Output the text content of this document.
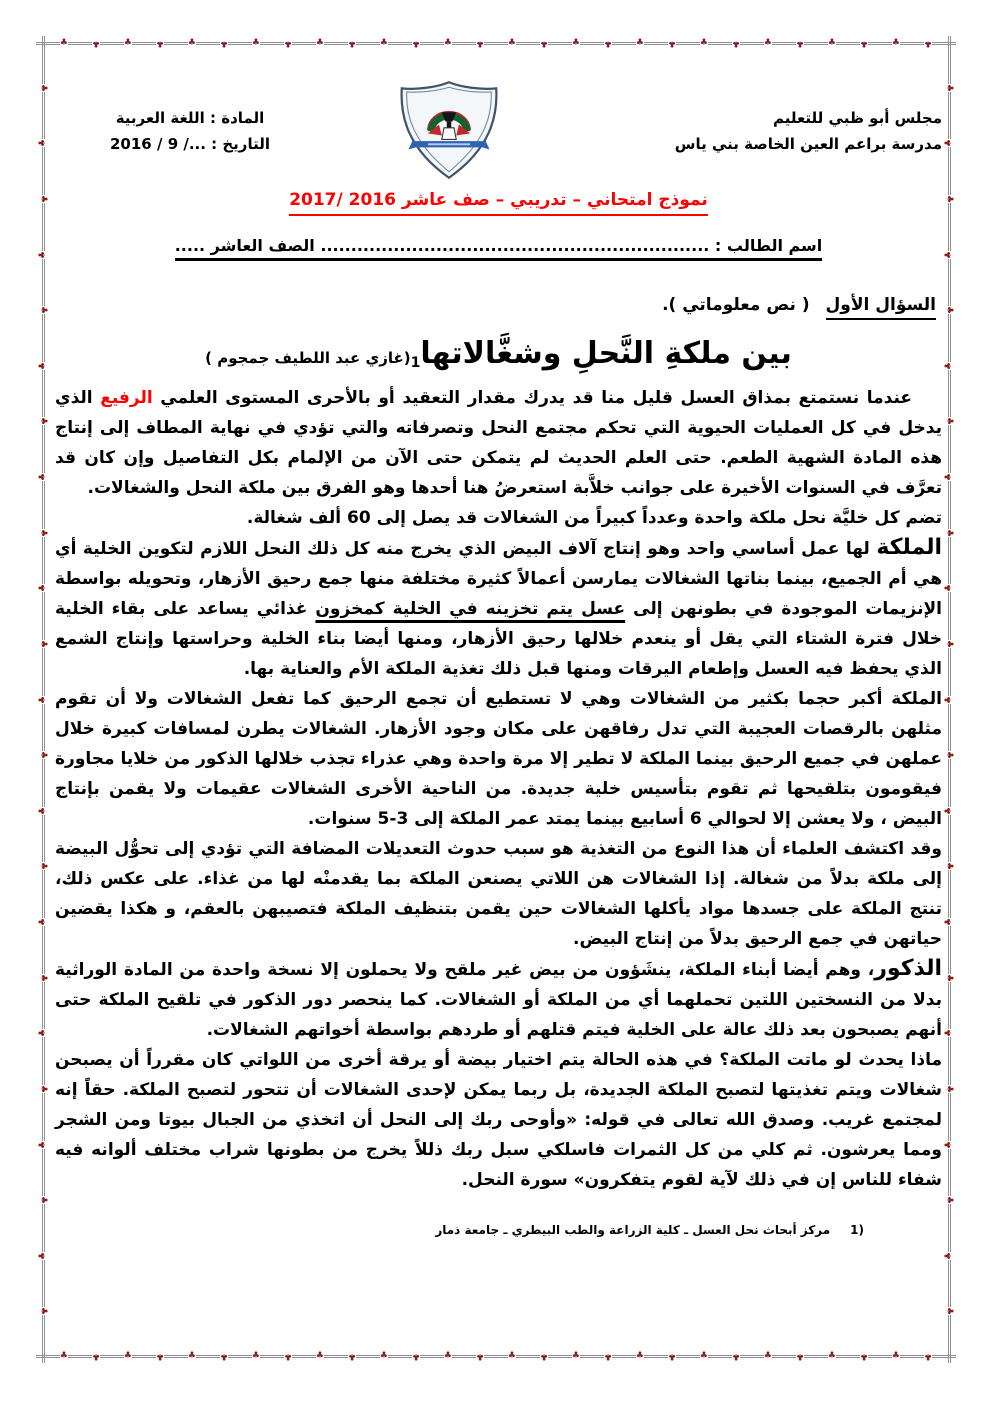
♣	♣	♣	♣	♣	♣	♣	♣	♣	♣	♣	♣	♣	♣	♣	♣	♣	♣	♣	♣	♣	♣	♣	♣	♣	♣	♣	♣
♣	♣	♣	♣	♣	♣	♣	♣	♣	♣	♣	♣	♣	♣	♣	♣	♣	♣	♣	♣	♣	♣	♣	♣	♣	♣	♣	♣
♣
♣
♣
♣
♣
♣
♣
♣
♣
♣
♣
♣
♣
♣
♣
♣
♣
♣
♣
♣
♣
♣
♣
♣
♣
♣
♣
♣
♣
♣
♣
♣
♣
♣
♣
♣
♣
♣
♣
♣
♣
♣
♣
♣
♣
♣
مجلس أبو ظبي للتعليم
مدرسة براعم العين الخاصة بني ياس
المادة : اللغة العربية
التاريخ : .../ 9 / 2016
نموذج امتحاني – تدريبي – صف عاشر 2016 /2017
اسم الطالب : ................................................................ الصف العاشر .....
السؤال الأول ( نص معلوماتي ).
بين ملكةِ النَّحلِ وشغَّالاتها$_1$(غازي عبد اللطيف جمجوم )

عندما نستمتع بمذاق العسل قليل منا قد يدرك مقدار التعقيد أو بالأحرى المستوى العلمي الرفيع الذي يدخل في كل العمليات الحيوية التي تحكم مجتمع النحل وتصرفاته والتي تؤدي في نهاية المطاف إلى إنتاج هذه المادة الشهية الطعم. حتى العلم الحديث لم يتمكن حتى الآن من الإلمام بكل التفاصيل وإن كان قد تعرَّف في السنوات الأخيرة على جوانب خلاَّبة استعرضُ هنا أحدها وهو الفرق بين ملكة النحل والشغالات.

تضم كل خليَّة نحل ملكة واحدة وعدداً كبيراً من الشغالات قد يصل إلى 60 ألف شغالة.

الملكة لها عمل أساسي واحد وهو إنتاج آلاف البيض الذي يخرج منه كل ذلك النحل اللازم لتكوين الخلية أي هي أم الجميع، بينما بناتها الشغالات يمارسن أعمالاً كثيرة مختلفة منها جمع رحيق الأزهار، وتحويله بواسطة الإنزيمات الموجودة في بطونهن إلى عسل يتم تخزينه في الخلية كمخزون غذائي يساعد على بقاء الخلية خلال فترة الشتاء التي يقل أو ينعدم خلالها رحيق الأزهار، ومنها أيضا بناء الخلية وحراستها وإنتاج الشمع الذي يحفظ فيه العسل وإطعام اليرقات ومنها قبل ذلك تغذية الملكة الأم والعناية بها.

الملكة أكبر حجما بكثير من الشغالات وهي لا تستطيع أن تجمع الرحيق كما تفعل الشغالات ولا أن تقوم مثلهن بالرقصات العجيبة التي تدل رفاقهن على مكان وجود الأزهار. الشغالات يطرن لمسافات كبيرة خلال عملهن في جميع الرحيق بينما الملكة لا تطير إلا مرة واحدة وهي عذراء تجذب خلالها الذكور من خلايا مجاورة فيقومون بتلقيحها ثم تقوم بتأسيس خلية جديدة. من الناحية الأخرى الشغالات عقيمات ولا يقمن بإنتاج البيض ، ولا يعشن إلا لحوالي 6 أسابيع بينما يمتد عمر الملكة إلى 3-5 سنوات.

وقد اكتشف العلماء أن هذا النوع من التغذية هو سبب حدوث التعديلات المضافة التي تؤدي إلى تحوُّل البيضة إلى ملكة بدلاً من شغالة. إذا الشغالات هن اللاتي يصنعن الملكة بما يقدمنْه لها من غذاء. على عكس ذلك، تنتج الملكة على جسدها مواد يأكلها الشغالات حين يقمن بتنظيف الملكة فتصيبهن بالعقم، و هكذا يقضين حياتهن في جمع الرحيق بدلاً من إنتاج البيض.

الذكور، وهم أيضا أبناء الملكة، ينشَؤون من بيض غير ملقح ولا يحملون إلا نسخة واحدة من المادة الوراثية بدلا من النسختين اللتين تحملهما أي من الملكة أو الشغالات. كما ينحصر دور الذكور في تلقيح الملكة حتى أنهم يصبحون بعد ذلك عالة على الخلية فيتم قتلهم أو طردهم بواسطة أخواتهم الشغالات.

ماذا يحدث لو ماتت الملكة؟ في هذه الحالة يتم اختيار بيضة أو يرقة أخرى من اللواتي كان مقرراً أن يصبحن شغالات ويتم تغذيتها لتصبح الملكة الجديدة، بل ربما يمكن لإحدى الشغالات أن تتحور لتصبح الملكة. حقاً إنه لمجتمع غريب. وصدق الله تعالى في قوله: «وأوحى ربك إلى النحل أن اتخذي من الجبال بيوتا ومن الشجر ومما يعرشون. ثم كلي من كل الثمرات فاسلكي سبل ربك ذللاً يخرج من بطونها شراب مختلف ألوانه فيه شفاء للناس إن في ذلك لآية لقوم يتفكرون» سورة النحل.

1)مركز أبحاث نحل العسل ـ كلية الزراعة والطب البيطري ـ جامعة ذمار
